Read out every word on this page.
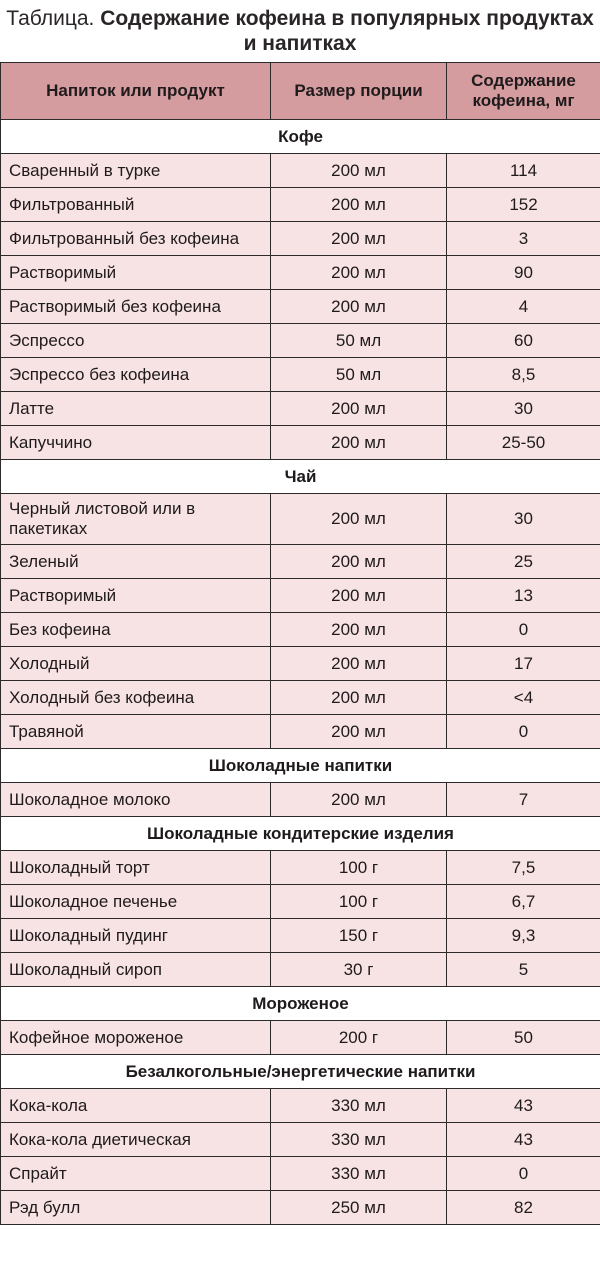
Таблица. Содержание кофеина в популярных продуктах и напитках
Напиток или продукт	Размер порции	Содержание кофеина, мг
Кофе		
Сваренный в турке	200 мл	114
Фильтрованный	200 мл	152
Фильтрованный без кофеина	200 мл	3
Растворимый	200 мл	90
Растворимый без кофеина	200 мл	4
Эспрессо	50 мл	60
Эспрессо без кофеина	50 мл	8,5
Латте	200 мл	30
Капуччино	200 мл	25-50
Чай		
Черный листовой или в пакетиках	200 мл	30
Зеленый	200 мл	25
Растворимый	200 мл	13
Без кофеина	200 мл	0
Холодный	200 мл	17
Холодный без кофеина	200 мл	<4
Травяной	200 мл	0
Шоколадные напитки		
Шоколадное молоко	200 мл	7
Шоколадные кондитерские изделия		
Шоколадный торт	100 г	7,5
Шоколадное печенье	100 г	6,7
Шоколадный пудинг	150 г	9,3
Шоколадный сироп	30 г	5
Мороженое		
Кофейное мороженое	200 г	50
Безалкогольные/энергетические напитки		
Кока-кола	330 мл	43
Кока-кола диетическая	330 мл	43
Спрайт	330 мл	0
Рэд булл	250 мл	82
